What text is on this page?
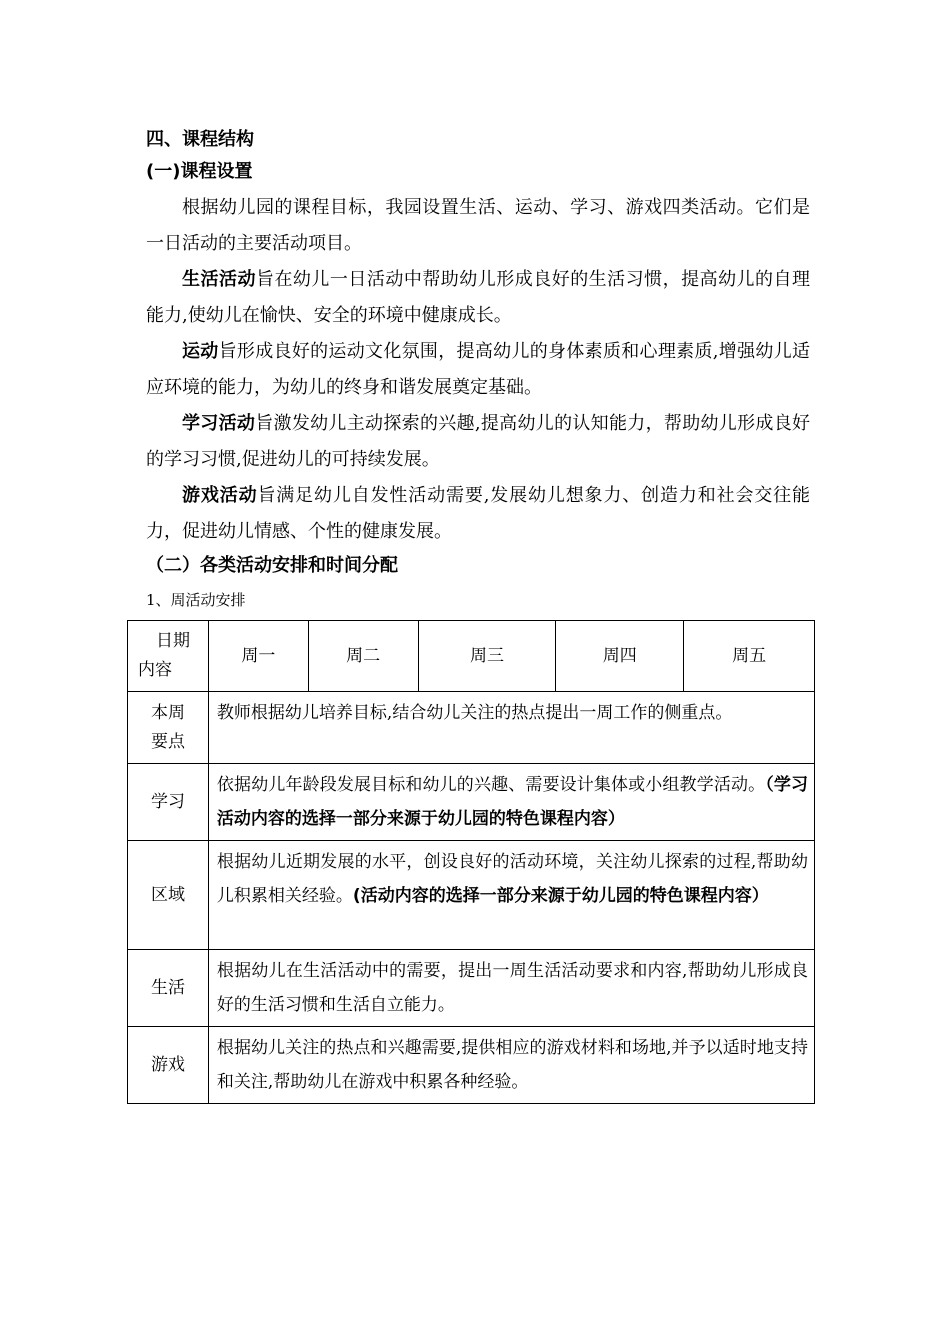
四、课程结构
(一)课程设置
根据幼儿园的课程目标，我园设置生活、运动、学习、游戏四类活动。它们是一日活动的主要活动项目。
生活活动旨在幼儿一日活动中帮助幼儿形成良好的生活习惯，提高幼儿的自理能力,使幼儿在愉快、安全的环境中健康成长。
运动旨形成良好的运动文化氛围，提高幼儿的身体素质和心理素质,增强幼儿适应环境的能力，为幼儿的终身和谐发展奠定基础。
学习活动旨激发幼儿主动探索的兴趣,提高幼儿的认知能力，帮助幼儿形成良好的学习习惯,促进幼儿的可持续发展。
游戏活动旨满足幼儿自发性活动需要,发展幼儿想象力、创造力和社会交往能力，促进幼儿情感、个性的健康发展。
（二）各类活动安排和时间分配
1、周活动安排
日期
内容	周一	周二	周三	周四	周五
本周
要点	教师根据幼儿培养目标,结合幼儿关注的热点提出一周工作的侧重点。				
学习	依据幼儿年龄段发展目标和幼儿的兴趣、需要设计集体或小组教学活动。（学习活动内容的选择一部分来源于幼儿园的特色课程内容）				
区域	根据幼儿近期发展的水平，创设良好的活动环境，关注幼儿探索的过程,帮助幼儿积累相关经验。(活动内容的选择一部分来源于幼儿园的特色课程内容）				
生活	根据幼儿在生活活动中的需要，提出一周生活活动要求和内容,帮助幼儿形成良好的生活习惯和生活自立能力。				
游戏	根据幼儿关注的热点和兴趣需要,提供相应的游戏材料和场地,并予以适时地支持和关注,帮助幼儿在游戏中积累各种经验。				
